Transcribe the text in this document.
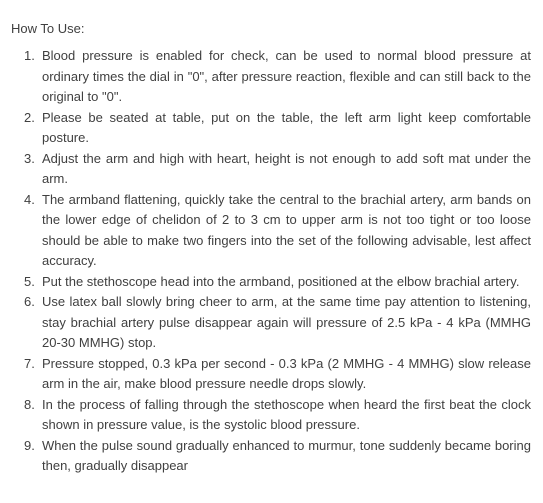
How To Use:
1. Blood pressure is enabled for check, can be used to normal blood pressure at ordinary times the dial in "0", after pressure reaction, flexible and can still back to the original to "0".
2. Please be seated at table, put on the table, the left arm light keep comfortable posture.
3. Adjust the arm and high with heart, height is not enough to add soft mat under the arm.
4. The armband flattening, quickly take the central to the brachial artery, arm bands on the lower edge of chelidon of 2 to 3 cm to upper arm is not too tight or too loose should be able to make two fingers into the set of the following advisable, lest affect accuracy.
5. Put the stethoscope head into the armband, positioned at the elbow brachial artery.
6. Use latex ball slowly bring cheer to arm, at the same time pay attention to listening, stay brachial artery pulse disappear again will pressure of 2.5 kPa - 4 kPa (MMHG 20-30 MMHG) stop.
7. Pressure stopped, 0.3 kPa per second - 0.3 kPa (2 MMHG - 4 MMHG) slow release arm in the air, make blood pressure needle drops slowly.
8. In the process of falling through the stethoscope when heard the first beat the clock shown in pressure value, is the systolic blood pressure.
9. When the pulse sound gradually enhanced to murmur, tone suddenly became boring then, gradually disappear
